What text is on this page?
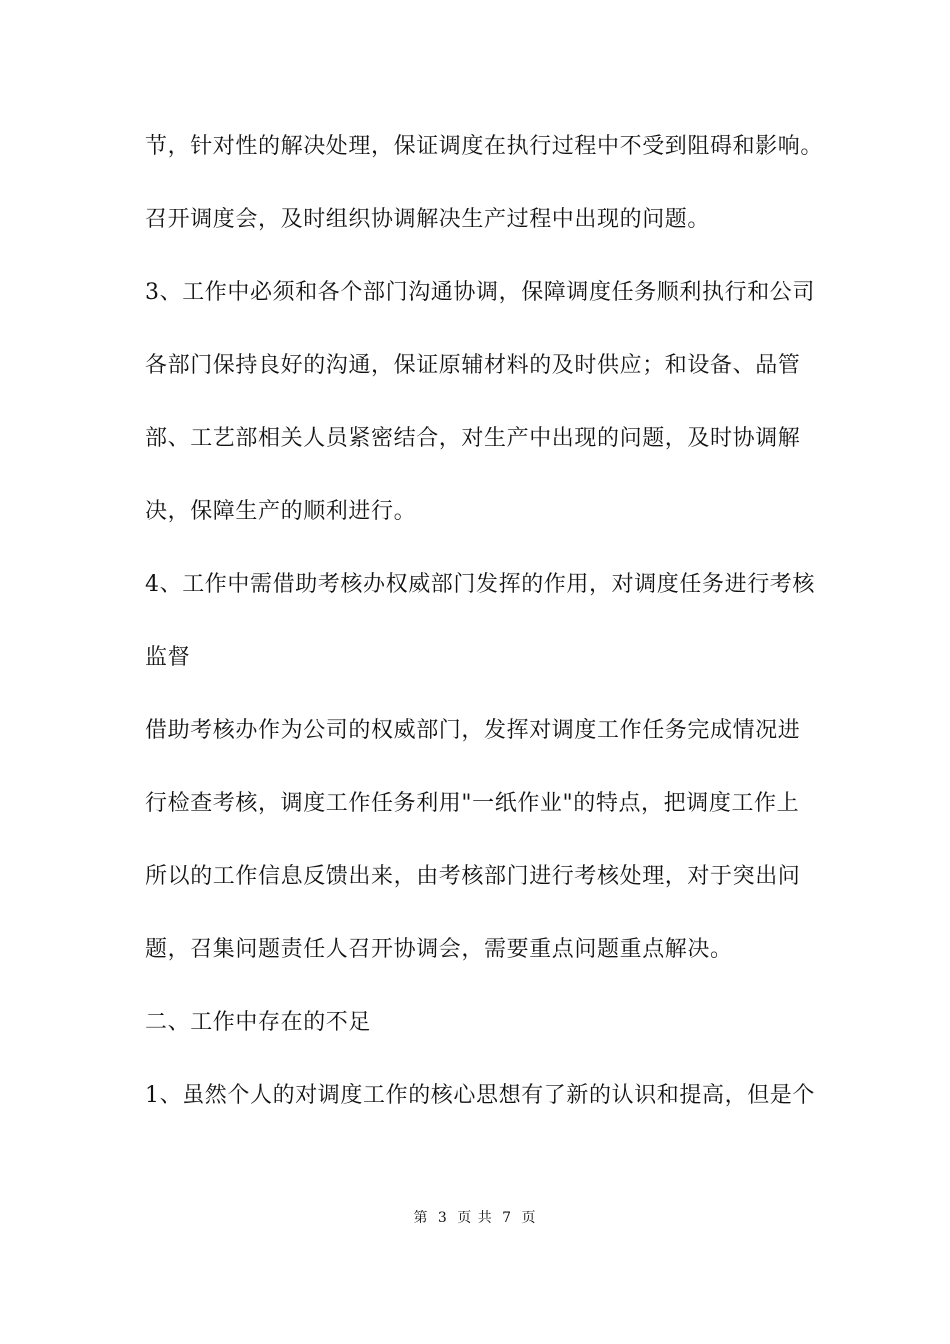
节，针对性的解决处理，保证调度在执行过程中不受到阻碍和影响。
召开调度会，及时组织协调解决生产过程中出现的问题。
3、工作中必须和各个部门沟通协调，保障调度任务顺利执行和公司
各部门保持良好的沟通，保证原辅材料的及时供应；和设备、品管
部、工艺部相关人员紧密结合，对生产中出现的问题，及时协调解
决，保障生产的顺利进行。
4、工作中需借助考核办权威部门发挥的作用，对调度任务进行考核
监督
借助考核办作为公司的权威部门，发挥对调度工作任务完成情况进
行检查考核，调度工作任务利用"一纸作业"的特点，把调度工作上
所以的工作信息反馈出来，由考核部门进行考核处理，对于突出问
题，召集问题责任人召开协调会，需要重点问题重点解决。
二、工作中存在的不足
1、虽然个人的对调度工作的核心思想有了新的认识和提高，但是个
第 3 页 共 7 页
